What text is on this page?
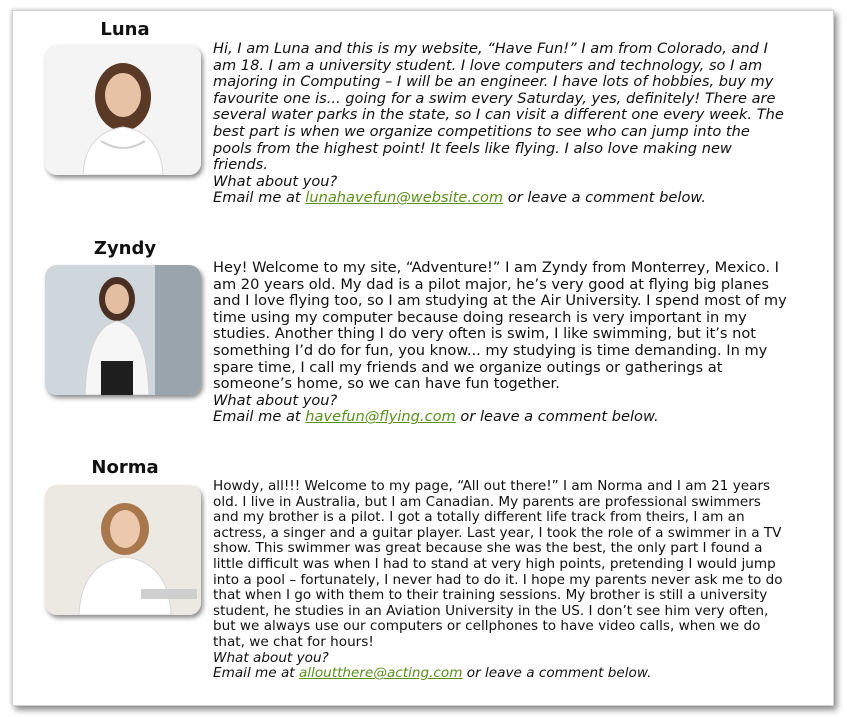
Luna
Hi, I am Luna and this is my website, “Have Fun!” I am from Colorado, and I am 18. I am a university student. I love computers and technology, so I am majoring in Computing – I will be an engineer. I have lots of hobbies, buy my favourite one is... going for a swim every Saturday, yes, definitely! There are several water parks in the state, so I can visit a different one every week. The best part is when we organize competitions to see who can jump into the pools from the highest point! It feels like flying. I also love making new friends.
What about you?
Email me at lunahavefun@website.com or leave a comment below.
Zyndy
Hey! Welcome to my site, “Adventure!” I am Zyndy from Monterrey, Mexico. I am 20 years old. My dad is a pilot major, he’s very good at flying big planes and I love flying too, so I am studying at the Air University. I spend most of my time using my computer because doing research is very important in my studies. Another thing I do very often is swim, I like swimming, but it’s not something I’d do for fun, you know... my studying is time demanding. In my spare time, I call my friends and we organize outings or gatherings at someone’s home, so we can have fun together.
What about you?
Email me at havefun@flying.com or leave a comment below.
Norma
Howdy, all!!! Welcome to my page, “All out there!” I am Norma and I am 21 years old. I live in Australia, but I am Canadian. My parents are professional swimmers and my brother is a pilot. I got a totally different life track from theirs, I am an actress, a singer and a guitar player. Last year, I took the role of a swimmer in a TV show. This swimmer was great because she was the best, the only part I found a little difficult was when I had to stand at very high points, pretending I would jump into a pool – fortunately, I never had to do it. I hope my parents never ask me to do that when I go with them to their training sessions. My brother is still a university student, he studies in an Aviation University in the US. I don’t see him very often, but we always use our computers or cellphones to have video calls, when we do that, we chat for hours!
What about you?
Email me at alloutthere@acting.com or leave a comment below.
